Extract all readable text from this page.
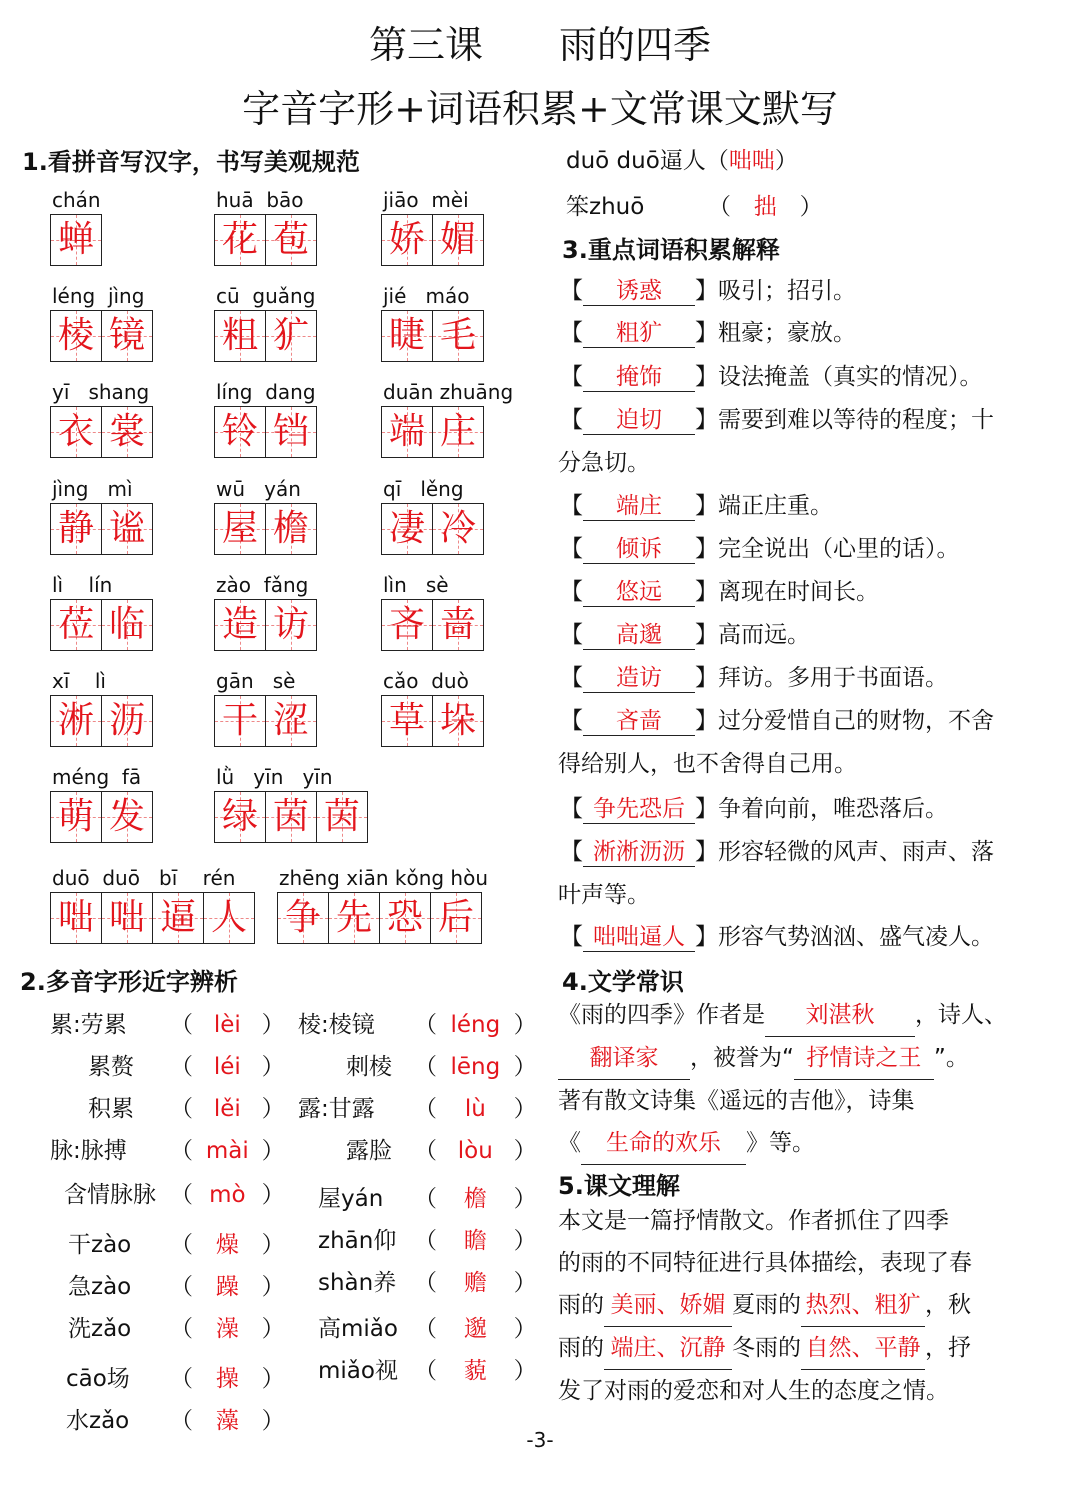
第三课　　雨的四季
字音字形+词语积累+文常课文默写
1.看拼音写汉字，书写美观规范
chán
蝉
huā  bāo
花 苞
jiāo  mèi
娇 媚
léng  jìng
棱 镜
cū  guǎng
粗 犷
jié   máo
睫 毛
yī   shang
衣 裳
líng  dang
铃 铛
duān zhuāng
端 庄
jìng   mì
静 谧
wū   yán
屋 檐
qī   lěng
凄 冷
lì    lín
莅 临
zào  fǎng
造 访
lìn   sè
吝 啬
xī    lì
淅 沥
gān   sè
干 涩
cǎo  duò
草 垛
méng  fā
萌 发
lǜ   yīn   yīn
绿 茵 茵
duō  duō   bī    rén
咄 咄 逼 人
zhēng xiān kǒng hòu
争 先 恐 后
2.多音字形近字辨析
累:劳累 （ lèi ）
累赘 （ léi ）
积累 （ lěi ）
脉:脉搏 （ mài ）
含情脉脉 （ mò ）
干zào （ 燥 ）
急zào （ 躁 ）
洗zǎo （ 澡 ）
cāo场 （ 操 ）
水zǎo （ 藻 ）
棱:棱镜 （ léng ）
刺棱 （ lēng ）
露:甘露 （ lù ）
露脸 （ lòu ）
屋yán （ 檐 ）
zhān仰 （ 瞻 ）
shàn养 （ 赡 ）
高miǎo （ 邈 ）
miǎo视 （ 藐 ）
duō duō逼人（咄咄）
笨zhuō	（ 拙 ）
3.重点词语积累解释
【 诱惑 】吸引；招引。
【 粗犷 】粗豪；豪放。
【 掩饰 】设法掩盖（真实的情况）。
【 迫切 】需要到难以等待的程度；十
分急切。
【 端庄 】端正庄重。
【 倾诉 】完全说出（心里的话）。
【 悠远 】离现在时间长。
【 高邈 】高而远。
【 造访 】拜访。多用于书面语。
【 吝啬 】过分爱惜自己的财物，不舍
得给别人，也不舍得自己用。
【 争先恐后 】争着向前，唯恐落后。
【 淅淅沥沥 】形容轻微的风声、雨声、落
叶声等。
【 咄咄逼人 】形容气势汹汹、盛气凌人。
4.文学常识
《雨的四季》作者是 刘湛秋 ，诗人、
翻译家 ，被誉为“ 抒情诗之王 ”。
著有散文诗集《遥远的吉他》，诗集
《 生命的欢乐 》等。
5.课文理解
本文是一篇抒情散文。作者抓住了四季
的雨的不同特征进行具体描绘，表现了春
雨的 美丽、娇媚 夏雨的 热烈、粗犷 ，秋
雨的 端庄、沉静 冬雨的 自然、平静 ，抒
发了对雨的爱恋和对人生的态度之情。
-3-
